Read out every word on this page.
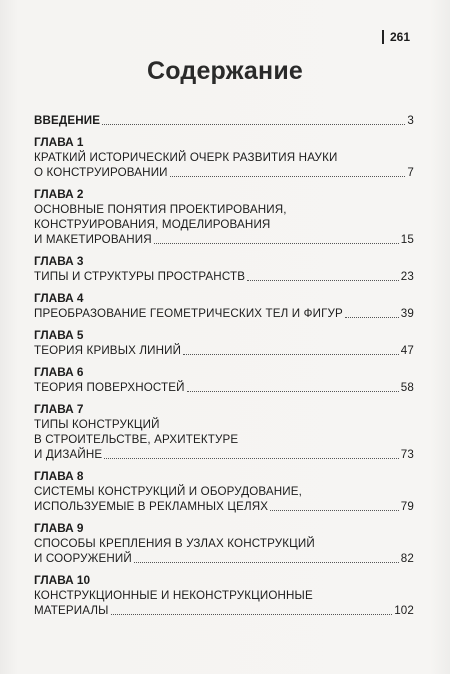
261
Содержание
ВВЕДЕНИЕ	3
ГЛАВА 1
КРАТКИЙ ИСТОРИЧЕСКИЙ ОЧЕРК РАЗВИТИЯ НАУКИ
О КОНСТРУИРОВАНИИ	7
ГЛАВА 2
ОСНОВНЫЕ ПОНЯТИЯ ПРОЕКТИРОВАНИЯ,
КОНСТРУИРОВАНИЯ, МОДЕЛИРОВАНИЯ
И МАКЕТИРОВАНИЯ	15
ГЛАВА 3
ТИПЫ И СТРУКТУРЫ ПРОСТРАНСТВ	23
ГЛАВА 4
ПРЕОБРАЗОВАНИЕ ГЕОМЕТРИЧЕСКИХ ТЕЛ И ФИГУР	39
ГЛАВА 5
ТЕОРИЯ КРИВЫХ ЛИНИЙ	47
ГЛАВА 6
ТЕОРИЯ ПОВЕРХНОСТЕЙ	58
ГЛАВА 7
ТИПЫ КОНСТРУКЦИЙ
В СТРОИТЕЛЬСТВЕ, АРХИТЕКТУРЕ
И ДИЗАЙНЕ	73
ГЛАВА 8
СИСТЕМЫ КОНСТРУКЦИЙ И ОБОРУДОВАНИЕ,
ИСПОЛЬЗУЕМЫЕ В РЕКЛАМНЫХ ЦЕЛЯХ	79
ГЛАВА 9
СПОСОБЫ КРЕПЛЕНИЯ В УЗЛАХ КОНСТРУКЦИЙ
И СООРУЖЕНИЙ	82
ГЛАВА 10
КОНСТРУКЦИОННЫЕ И НЕКОНСТРУКЦИОННЫЕ
МАТЕРИАЛЫ	102
